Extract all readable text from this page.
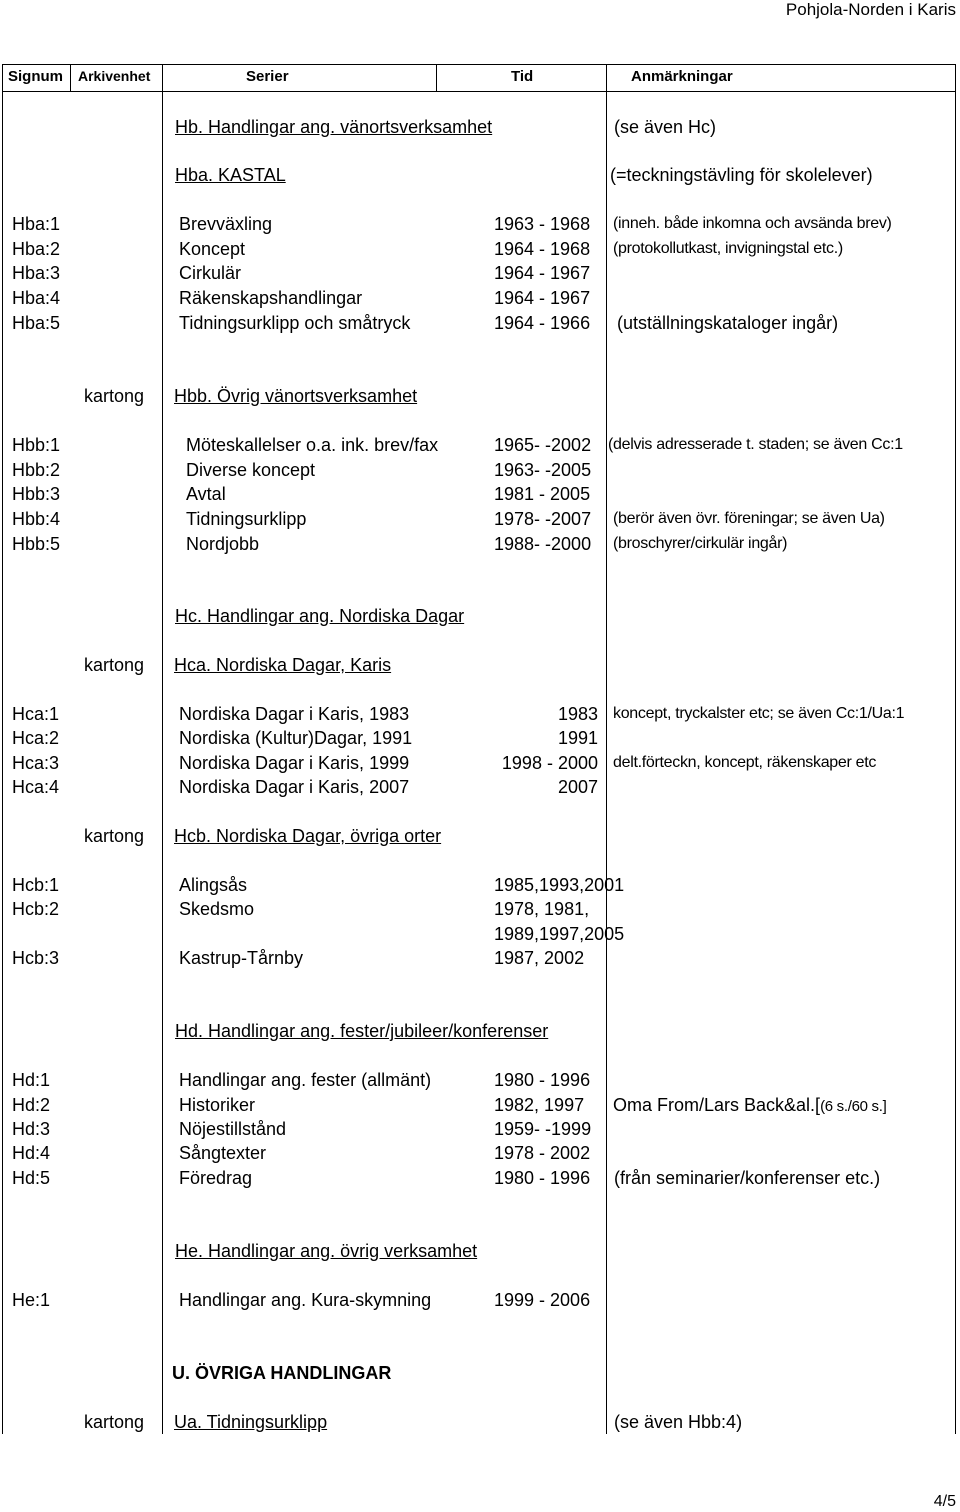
Pohjola-Norden i Karis
Signum Arkivenhet	Serier	Tid	Anmärkningar
Hb. Handlingar ang. vänortsverksamhet	(se även Hc)
Hba. KASTAL	(=teckningstävling för skolelever)
Hba:1	Brevväxling	1963 - 1968 (inneh. både inkomna och avsända brev)
Hba:2	Koncept	1964 - 1968 (protokollutkast, invigningstal etc.)
Hba:3	Cirkulär	1964 - 1967
Hba:4	Räkenskapshandlingar	1964 - 1967
Hba:5	Tidningsurklipp och småtryck	1964 - 1966 (utställningskataloger ingår)
kartong Hbb. Övrig vänortsverksamhet
Hbb:1	Möteskallelser o.a. ink. brev/fax	1965- -2002 (delvis adresserade t. staden; se även Cc:1
Hbb:2	Diverse koncept	1963- -2005
Hbb:3	Avtal	1981 - 2005
Hbb:4	Tidningsurklipp	1978- -2007 (berör även övr. föreningar; se även Ua)
Hbb:5	Nordjobb	1988- -2000 (broschyrer/cirkulär ingår)
Hc. Handlingar ang. Nordiska Dagar
kartong Hca. Nordiska Dagar, Karis
Hca:1	Nordiska Dagar i Karis, 1983	1983 koncept, tryckalster etc; se även Cc:1/Ua:1
Hca:2	Nordiska (Kultur)Dagar, 1991	1991
Hca:3	Nordiska Dagar i Karis, 1999	1998 - 2000 delt.förteckn, koncept, räkenskaper etc
Hca:4	Nordiska Dagar i Karis, 2007	2007
kartong Hcb. Nordiska Dagar, övriga orter
Hcb:1	Alingsås	1985,1993,2001
Hcb:2	Skedsmo	1978, 1981,
1989,1997,2005
Hcb:3	Kastrup-Tårnby	1987, 2002
Hd. Handlingar ang. fester/jubileer/konferenser
Hd:1	Handlingar ang. fester (allmänt)	1980 - 1996
Hd:2	Historiker	1982, 1997 Oma From/Lars Back&al.[(6 s./60 s.]
Hd:3	Nöjestillstånd	1959- -1999
Hd:4	Sångtexter	1978 - 2002
Hd:5	Föredrag	1980 - 1996 (från seminarier/konferenser etc.)
He. Handlingar ang. övrig verksamhet
He:1	Handlingar ang. Kura-skymning	1999 - 2006
U. ÖVRIGA HANDLINGAR
kartong Ua. Tidningsurklipp	(se även Hbb:4)
4/5
